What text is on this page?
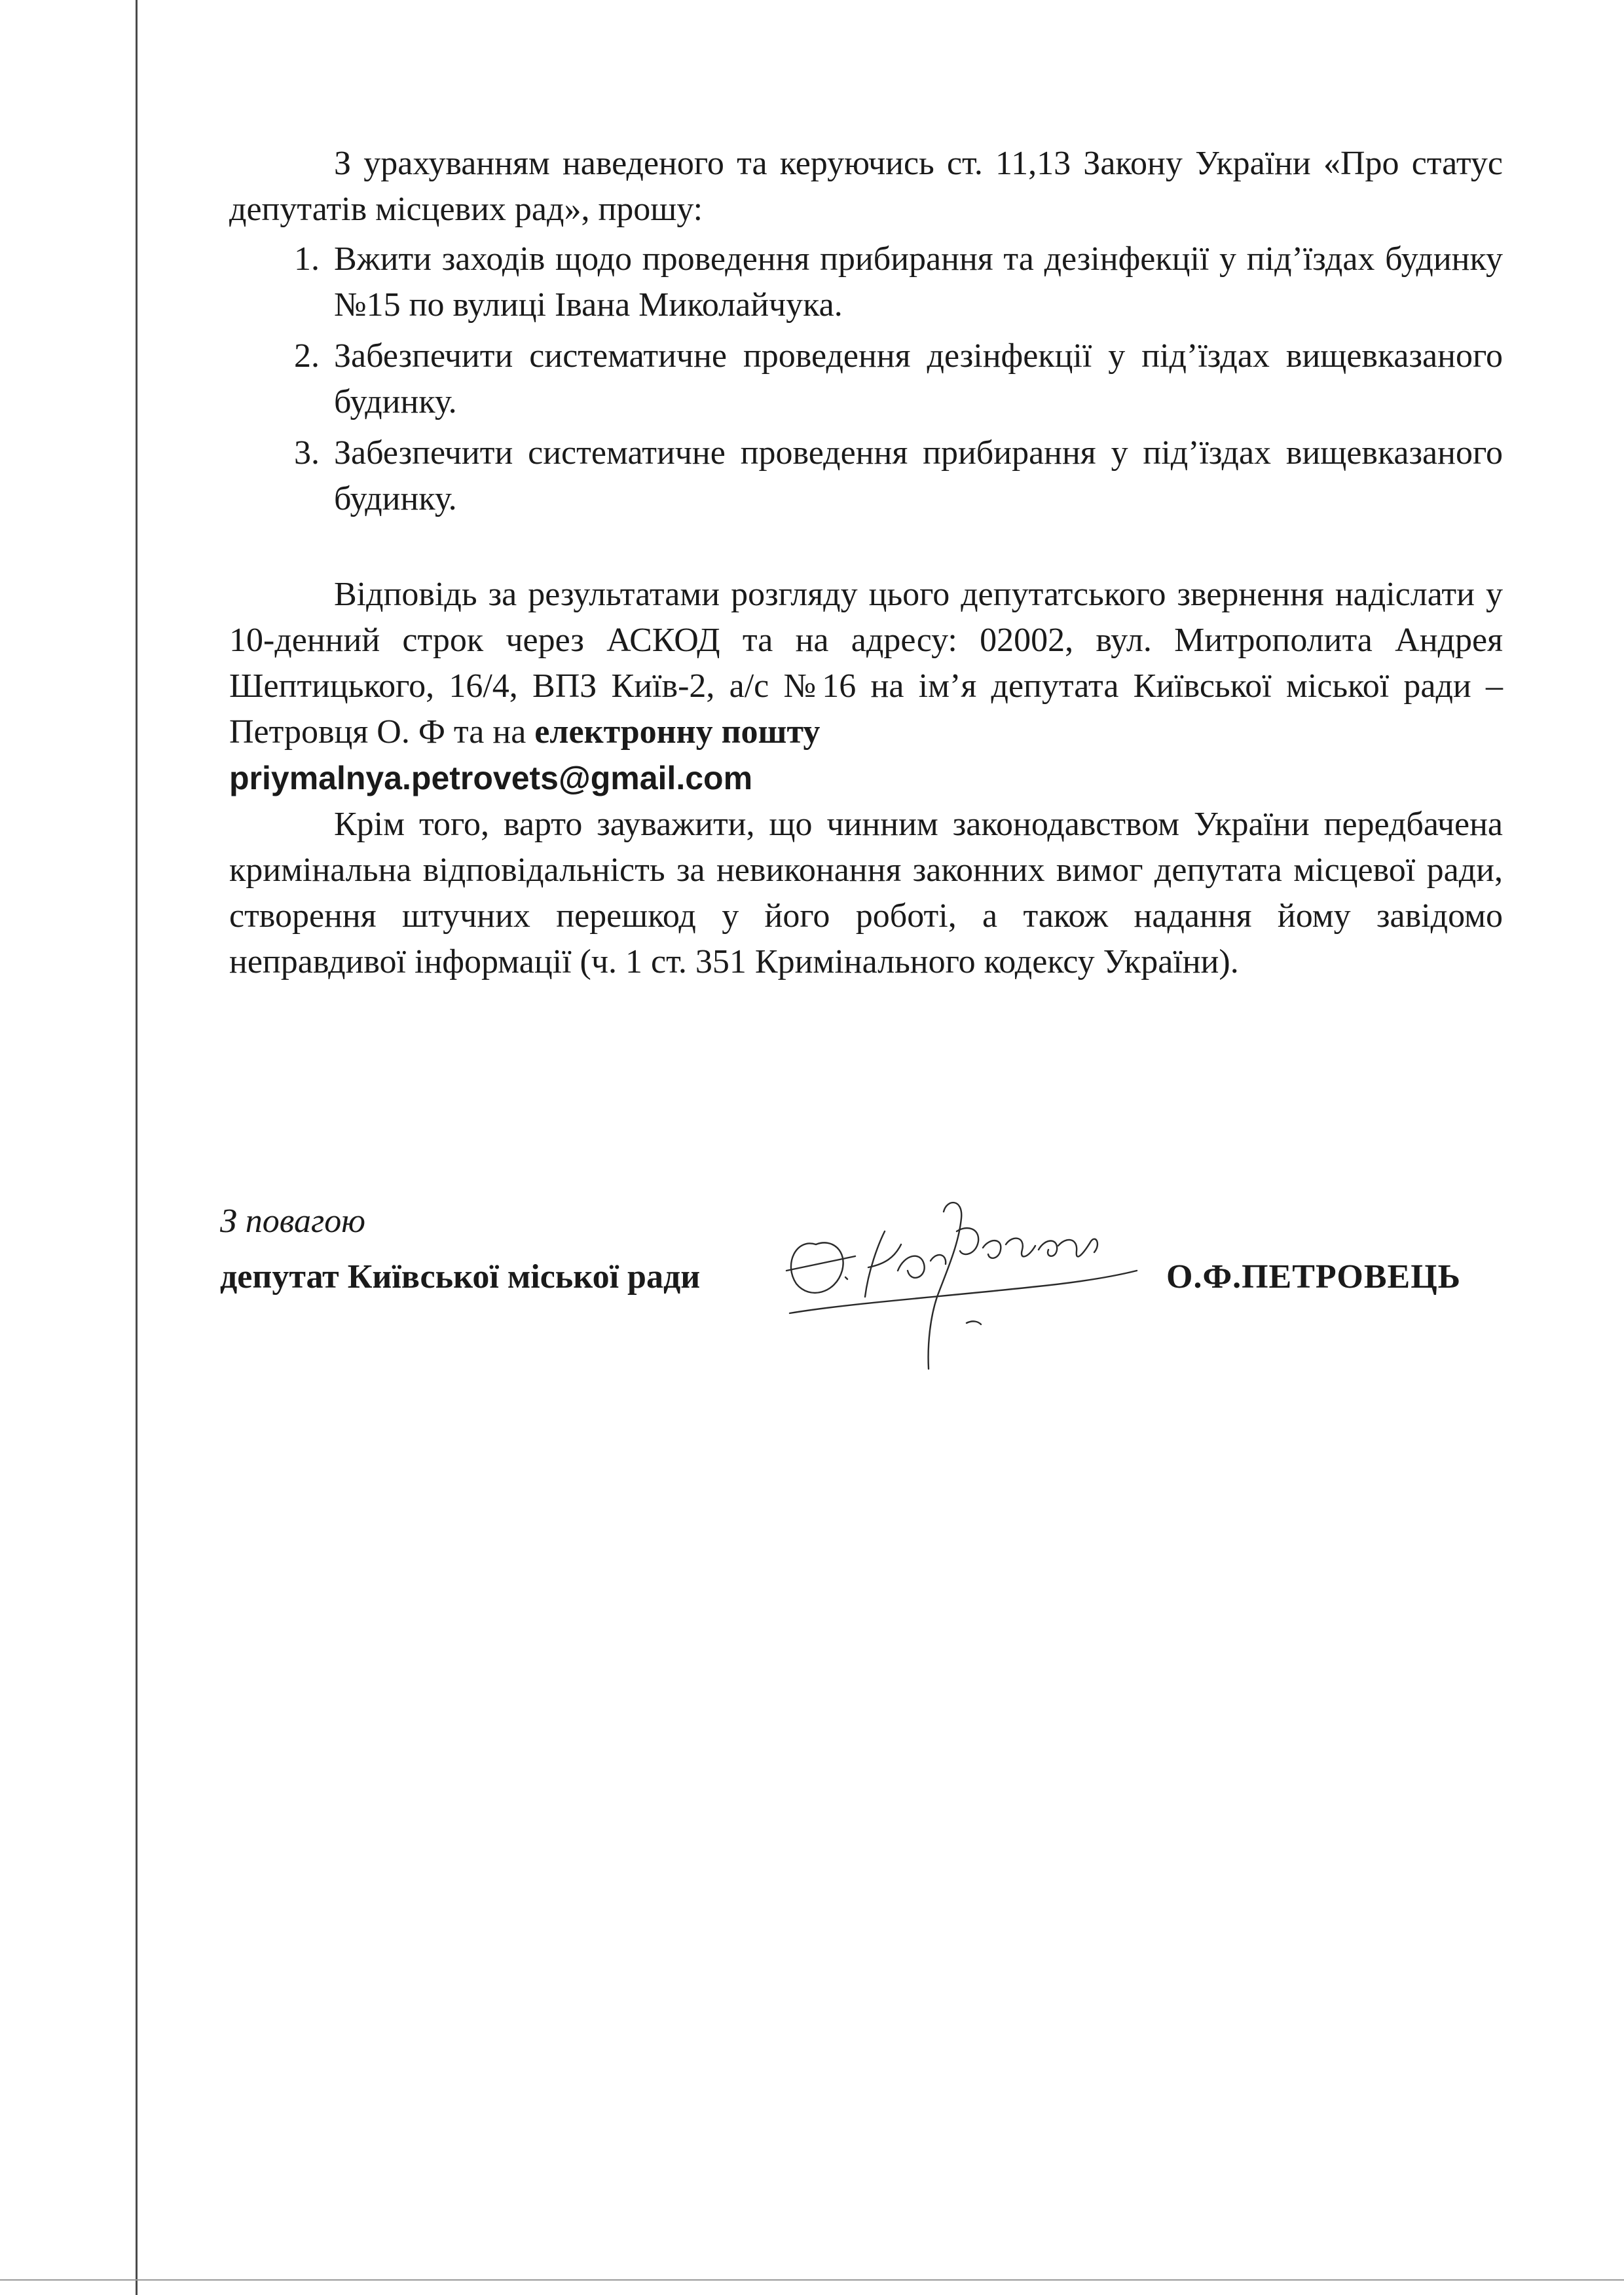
З урахуванням наведеного та керуючись ст. 11,13 Закону України «Про статус депутатів місцевих рад», прошу:

1. Вжити заходів щодо проведення прибирання та дезінфекції у під’їздах будинку №15 по вулиці Івана Миколайчука.
2. Забезпечити систематичне проведення дезінфекції у під’їздах вищевказаного будинку.
3. Забезпечити систематичне проведення прибирання у під’їздах вищевказаного будинку.

Відповідь за результатами розгляду цього депутатського звернення надіслати у 10-денний строк через АСКОД та на адресу: 02002, вул. Митрополита Андрея Шептицького, 16/4, ВПЗ Київ-2, а/с №16 на ім’я депутата Київської міської ради – Петровця О. Ф та на електронну пошту
priymalnya.petrovets@gmail.com

Крім того, варто зауважити, що чинним законодавством України передбачена кримінальна відповідальність за невиконання законних вимог депутата місцевої ради, створення штучних перешкод у його роботі, а також надання йому завідомо неправдивої інформації (ч. 1 ст. 351 Кримінального кодексу України).

З повагою
депутат Київської міської ради	О.Ф.ПЕТРОВЕЦЬ
